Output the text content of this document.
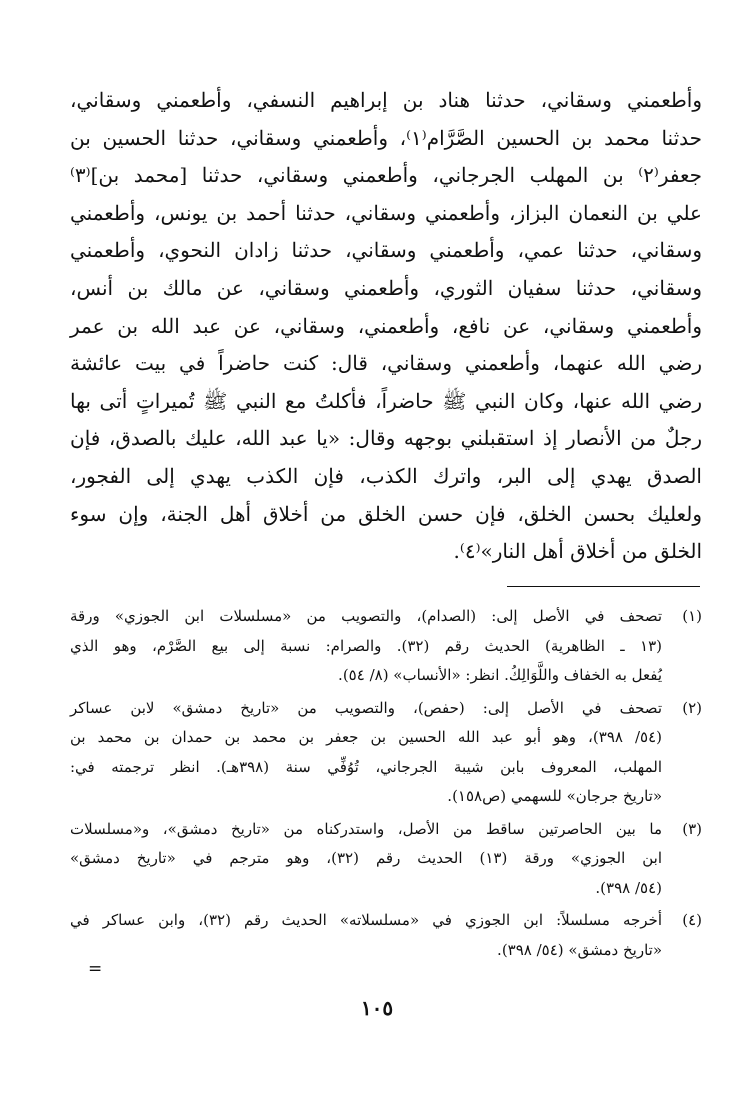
وأطعمني وسقاني، حدثنا هناد بن إبراهيم النسفي، وأطعمني وسقاني،
حدثنا محمد بن الحسين الصَّرَّام⁽١⁾، وأطعمني وسقاني، حدثنا الحسين بن
جعفر⁽٢⁾ بن المهلب الجرجاني، وأطعمني وسقاني، حدثنا [محمد بن]⁽٣⁾
علي بن النعمان البزاز، وأطعمني وسقاني، حدثنا أحمد بن يونس، وأطعمني
وسقاني، حدثنا عمي، وأطعمني وسقاني، حدثنا زادان النحوي، وأطعمني
وسقاني، حدثنا سفيان الثوري، وأطعمني وسقاني، عن مالك بن أنس،
وأطعمني وسقاني، عن نافع، وأطعمني، وسقاني، عن عبد الله بن عمر
رضي الله عنهما، وأطعمني وسقاني، قال: كنت حاضراً في بيت عائشة
رضي الله عنها، وكان النبي ﷺ حاضراً، فأكلتُ مع النبي ﷺ تُميراتٍ أتى بها
رجلٌ من الأنصار إذ استقبلني بوجهه وقال: «يا عبد الله، عليك بالصدق، فإن
الصدق يهدي إلى البر، واترك الكذب، فإن الكذب يهدي إلى الفجور،
ولعليك بحسن الخلق، فإن حسن الخلق من أخلاق أهل الجنة، وإن سوء
الخلق من أخلاق أهل النار»⁽٤⁾.
(١)
تصحف في الأصل إلى: (الصدام)، والتصويب من «مسلسلات ابن الجوزي» ورقة
(١٣ ـ الظاهرية) الحديث رقم (٣٢). والصرام: نسبة إلى بيع الصَّرْم، وهو الذي
يُفعل به الخفاف واللَّوَالِكُ. انظر: «الأنساب» (٨/ ٥٤).
(٢)
تصحف في الأصل إلى: (حفص)، والتصويب من «تاريخ دمشق» لابن عساكر
(٥٤/ ٣٩٨)، وهو أبو عبد الله الحسين بن جعفر بن محمد بن حمدان بن محمد بن
المهلب، المعروف بابن شيبة الجرجاني، تُوُفِّي سنة (٣٩٨هـ). انظر ترجمته في:
«تاريخ جرجان» للسهمي (ص١٥٨).
(٣)
ما بين الحاصرتين ساقط من الأصل، واستدركناه من «تاريخ دمشق»، و«مسلسلات
ابن الجوزي» ورقة (١٣) الحديث رقم (٣٢)، وهو مترجم في «تاريخ دمشق»
(٥٤/ ٣٩٨).
(٤)
أخرجه مسلسلاً: ابن الجوزي في «مسلسلاته» الحديث رقم (٣٢)، وابن عساكر في
«تاريخ دمشق» (٥٤/ ٣٩٨).
=
١٠٥
